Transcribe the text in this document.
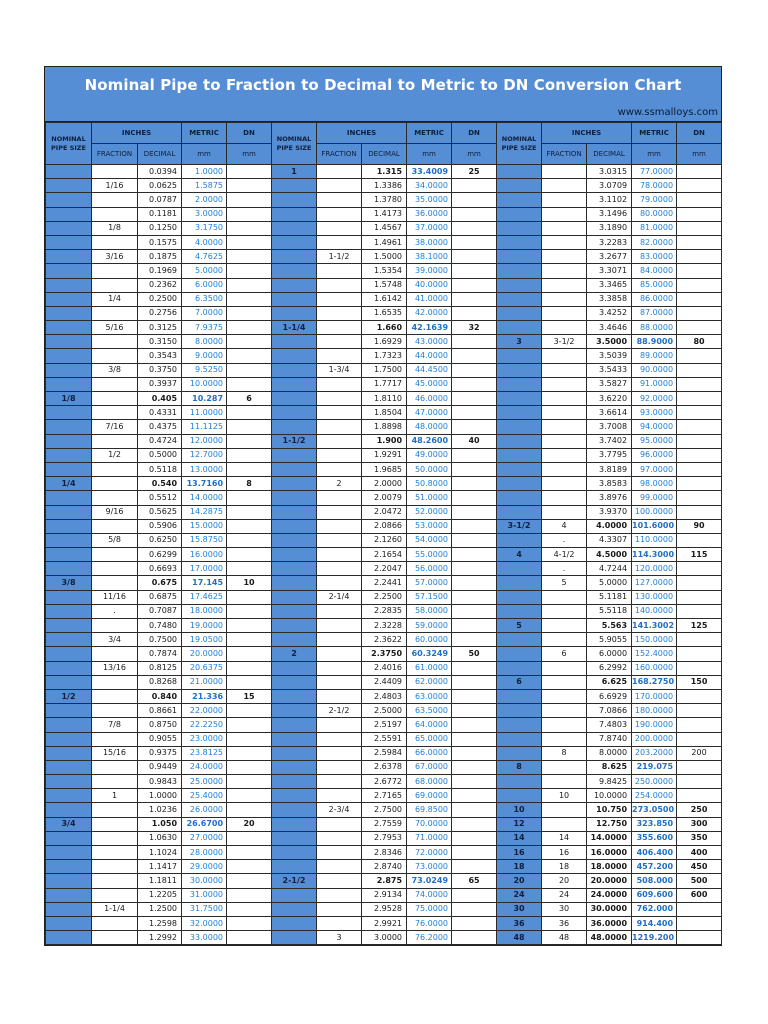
Nominal Pipe to Fraction to Decimal to Metric to DN Conversion Chart
www.ssmalloys.com
NOMINAL PIPE SIZE	INCHES		METRIC	DN	NOMINAL PIPE SIZE	INCHES		METRIC	DN	NOMINAL PIPE SIZE	INCHES		METRIC	DN
	FRACTION	DECIMAL	mm	mm		FRACTION	DECIMAL	mm	mm		FRACTION	DECIMAL	mm	mm
		0.0394	1.0000		1		1.315	33.4009	25			3.0315	77.0000	
	1/16	0.0625	1.5875				1.3386	34.0000				3.0709	78.0000	
		0.0787	2.0000				1.3780	35.0000				3.1102	79.0000	
		0.1181	3.0000				1.4173	36.0000				3.1496	80.0000	
	1/8	0.1250	3.1750				1.4567	37.0000				3.1890	81.0000	
		0.1575	4.0000				1.4961	38.0000				3.2283	82.0000	
	3/16	0.1875	4.7625			1-1/2	1.5000	38.1000				3.2677	83.0000	
		0.1969	5.0000				1.5354	39.0000				3.3071	84.0000	
		0.2362	6.0000				1.5748	40.0000				3.3465	85.0000	
	1/4	0.2500	6.3500				1.6142	41.0000				3.3858	86.0000	
		0.2756	7.0000				1.6535	42.0000				3.4252	87.0000	
	5/16	0.3125	7.9375		1-1/4		1.660	42.1639	32			3.4646	88.0000	
		0.3150	8.0000				1.6929	43.0000		3	3-1/2	3.5000	88.9000	80
		0.3543	9.0000				1.7323	44.0000				3.5039	89.0000	
	3/8	0.3750	9.5250			1-3/4	1.7500	44.4500				3.5433	90.0000	
		0.3937	10.0000				1.7717	45.0000				3.5827	91.0000	
1/8		0.405	10.287	6			1.8110	46.0000				3.6220	92.0000	
		0.4331	11.0000				1.8504	47.0000				3.6614	93.0000	
	7/16	0.4375	11.1125				1.8898	48.0000				3.7008	94.0000	
		0.4724	12.0000		1-1/2		1.900	48.2600	40			3.7402	95.0000	
	1/2	0.5000	12.7000				1.9291	49.0000				3.7795	96.0000	
		0.5118	13.0000				1.9685	50.0000				3.8189	97.0000	
1/4		0.540	13.7160	8		2	2.0000	50.8000				3.8583	98.0000	
		0.5512	14.0000				2.0079	51.0000				3.8976	99.0000	
	9/16	0.5625	14.2875				2.0472	52.0000				3.9370	100.0000	
		0.5906	15.0000				2.0866	53.0000		3-1/2	4	4.0000	101.6000	90
	5/8	0.6250	15.8750				2.1260	54.0000			.	4.3307	110.0000	
		0.6299	16.0000				2.1654	55.0000		4	4-1/2	4.5000	114.3000	115
		0.6693	17.0000				2.2047	56.0000			.	4.7244	120.0000	
3/8		0.675	17.145	10			2.2441	57.0000			5	5.0000	127.0000	
	11/16	0.6875	17.4625			2-1/4	2.2500	57.1500				5.1181	130.0000	
	.	0.7087	18.0000				2.2835	58.0000				5.5118	140.0000	
		0.7480	19.0000				2.3228	59.0000		5		5.563	141.3002	125
	3/4	0.7500	19.0500				2.3622	60.0000				5.9055	150.0000	
		0.7874	20.0000		2		2.3750	60.3249	50		6	6.0000	152.4000	
	13/16	0.8125	20.6375				2.4016	61.0000				6.2992	160.0000	
		0.8268	21.0000				2.4409	62.0000		6		6.625	168.2750	150
1/2		0.840	21.336	15			2.4803	63.0000				6.6929	170.0000	
		0.8661	22.0000			2-1/2	2.5000	63.5000				7.0866	180.0000	
	7/8	0.8750	22.2250				2.5197	64.0000				7.4803	190.0000	
		0.9055	23.0000				2.5591	65.0000				7.8740	200.0000	
	15/16	0.9375	23.8125				2.5984	66.0000			8	8.0000	203.2000	200
		0.9449	24.0000				2.6378	67.0000		8		8.625	219.075	
		0.9843	25.0000				2.6772	68.0000				9.8425	250.0000	
	1	1.0000	25.4000				2.7165	69.0000			10	10.0000	254.0000	
		1.0236	26.0000			2-3/4	2.7500	69.8500		10		10.750	273.0500	250
3/4		1.050	26.6700	20			2.7559	70.0000		12		12.750	323.850	300
		1.0630	27.0000				2.7953	71.0000		14	14	14.0000	355.600	350
		1.1024	28.0000				2.8346	72.0000		16	16	16.0000	406.400	400
		1.1417	29.0000				2.8740	73.0000		18	18	18.0000	457.200	450
		1.1811	30.0000		2-1/2		2.875	73.0249	65	20	20	20.0000	508.000	500
		1.2205	31.0000				2.9134	74.0000		24	24	24.0000	609.600	600
	1-1/4	1.2500	31.7500				2.9528	75.0000		30	30	30.0000	762.000	
		1.2598	32.0000				2.9921	76.0000		36	36	36.0000	914.400	
		1.2992	33.0000			3	3.0000	76.2000		48	48	48.0000	1219.200	
